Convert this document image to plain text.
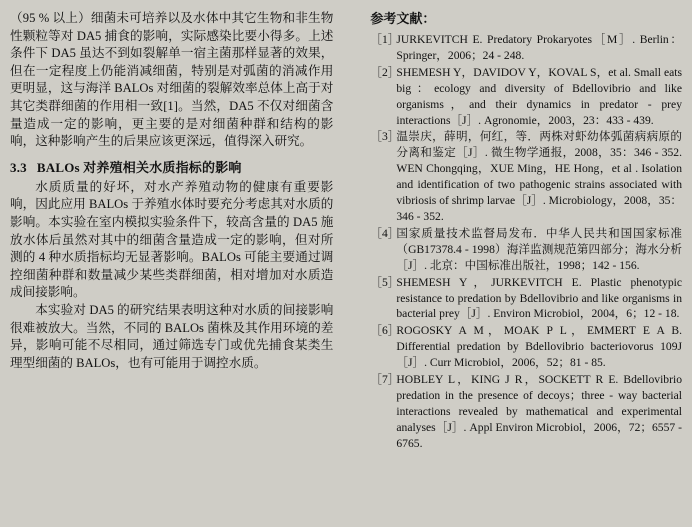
（95 % 以上）细菌未可培养以及水体中其它生物和非生物性颗粒等对 DA5 捕食的影响，实际感染比要小得多。上述条件下 DA5 虽达不到如裂解单一宿主菌那样显著的效果，但在一定程度上仍能消减细菌，特别是对弧菌的消减作用更明显，这与海洋 BALOs 对细菌的裂解效率总体上高于对其它类群细菌的作用相一致[1]。当然，DA5 不仅对细菌含量造成一定的影响，更主要的是对细菌种群和结构的影响，这种影响产生的后果应该更深远，值得深入研究。

3.3 BALOs 对养殖相关水质指标的影响

水质质量的好坏，对水产养殖动物的健康有重要影响，因此应用 BALOs 于养殖水体时要充分考虑其对水质的影响。本实验在室内模拟实验条件下，较高含量的 DA5 施放水体后虽然对其中的细菌含量造成一定的影响，但对所测的 4 种水质指标均无显著影响。BALOs 可能主要通过调控细菌种群和数量减少某些类群细菌，相对增加对水质造成间接影响。

本实验对 DA5 的研究结果表明这种对水质的间接影响很难被放大。当然，不同的 BALOs 菌株及其作用环境的差异，影响可能不尽相同，通过筛选专门或优先捕食某类生理型细菌的 BALOs，也有可能用于调控水质。

参考文献：
［1］
JURKEVITCH E. Predatory Prokaryotes［M］. Berlin：Springer，2006；24 - 248.
［2］
SHEMESH Y，DAVIDOV Y，KOVAL S，et al. Small eats big：ecology and diversity of Bdellovibrio and like organisms，and their dynamics in predator - prey interactions［J］. Agronomie，2003，23：433 - 439.
［3］
温崇庆，薛明，何红，等．两株对虾幼体弧菌病病原的分离和鉴定［J］. 微生物学通报，2008，35：346 - 352. WEN Chongqing，XUE Ming，HE Hong，et al . Isolation and identification of two pathogenic strains associated with vibriosis of shrimp larvae［J］. Microbiology，2008，35：346 - 352.
［4］
国家质量技术监督局发布．中华人民共和国国家标准（GB17378.4 - 1998）海洋监测规范第四部分；海水分析［J］. 北京：中国标准出版社，1998；142 - 156.
［5］
SHEMESH Y，JURKEVITCH E. Plastic phenotypic resistance to predation by Bdellovibrio and like organisms in bacterial prey［J］. Environ Microbiol，2004，6；12 - 18.
［6］
ROGOSKY A M，MOAK P L，EMMERT E A B. Differential predation by Bdellovibrio bacteriovorus 109J［J］. Curr Microbiol，2006，52；81 - 85.
［7］
HOBLEY L，KING J R，SOCKETT R E. Bdellovibrio predation in the presence of decoys；three - way bacterial interactions revealed by mathematical and experimental analyses［J］. Appl Environ Microbiol，2006，72；6557 - 6765.
